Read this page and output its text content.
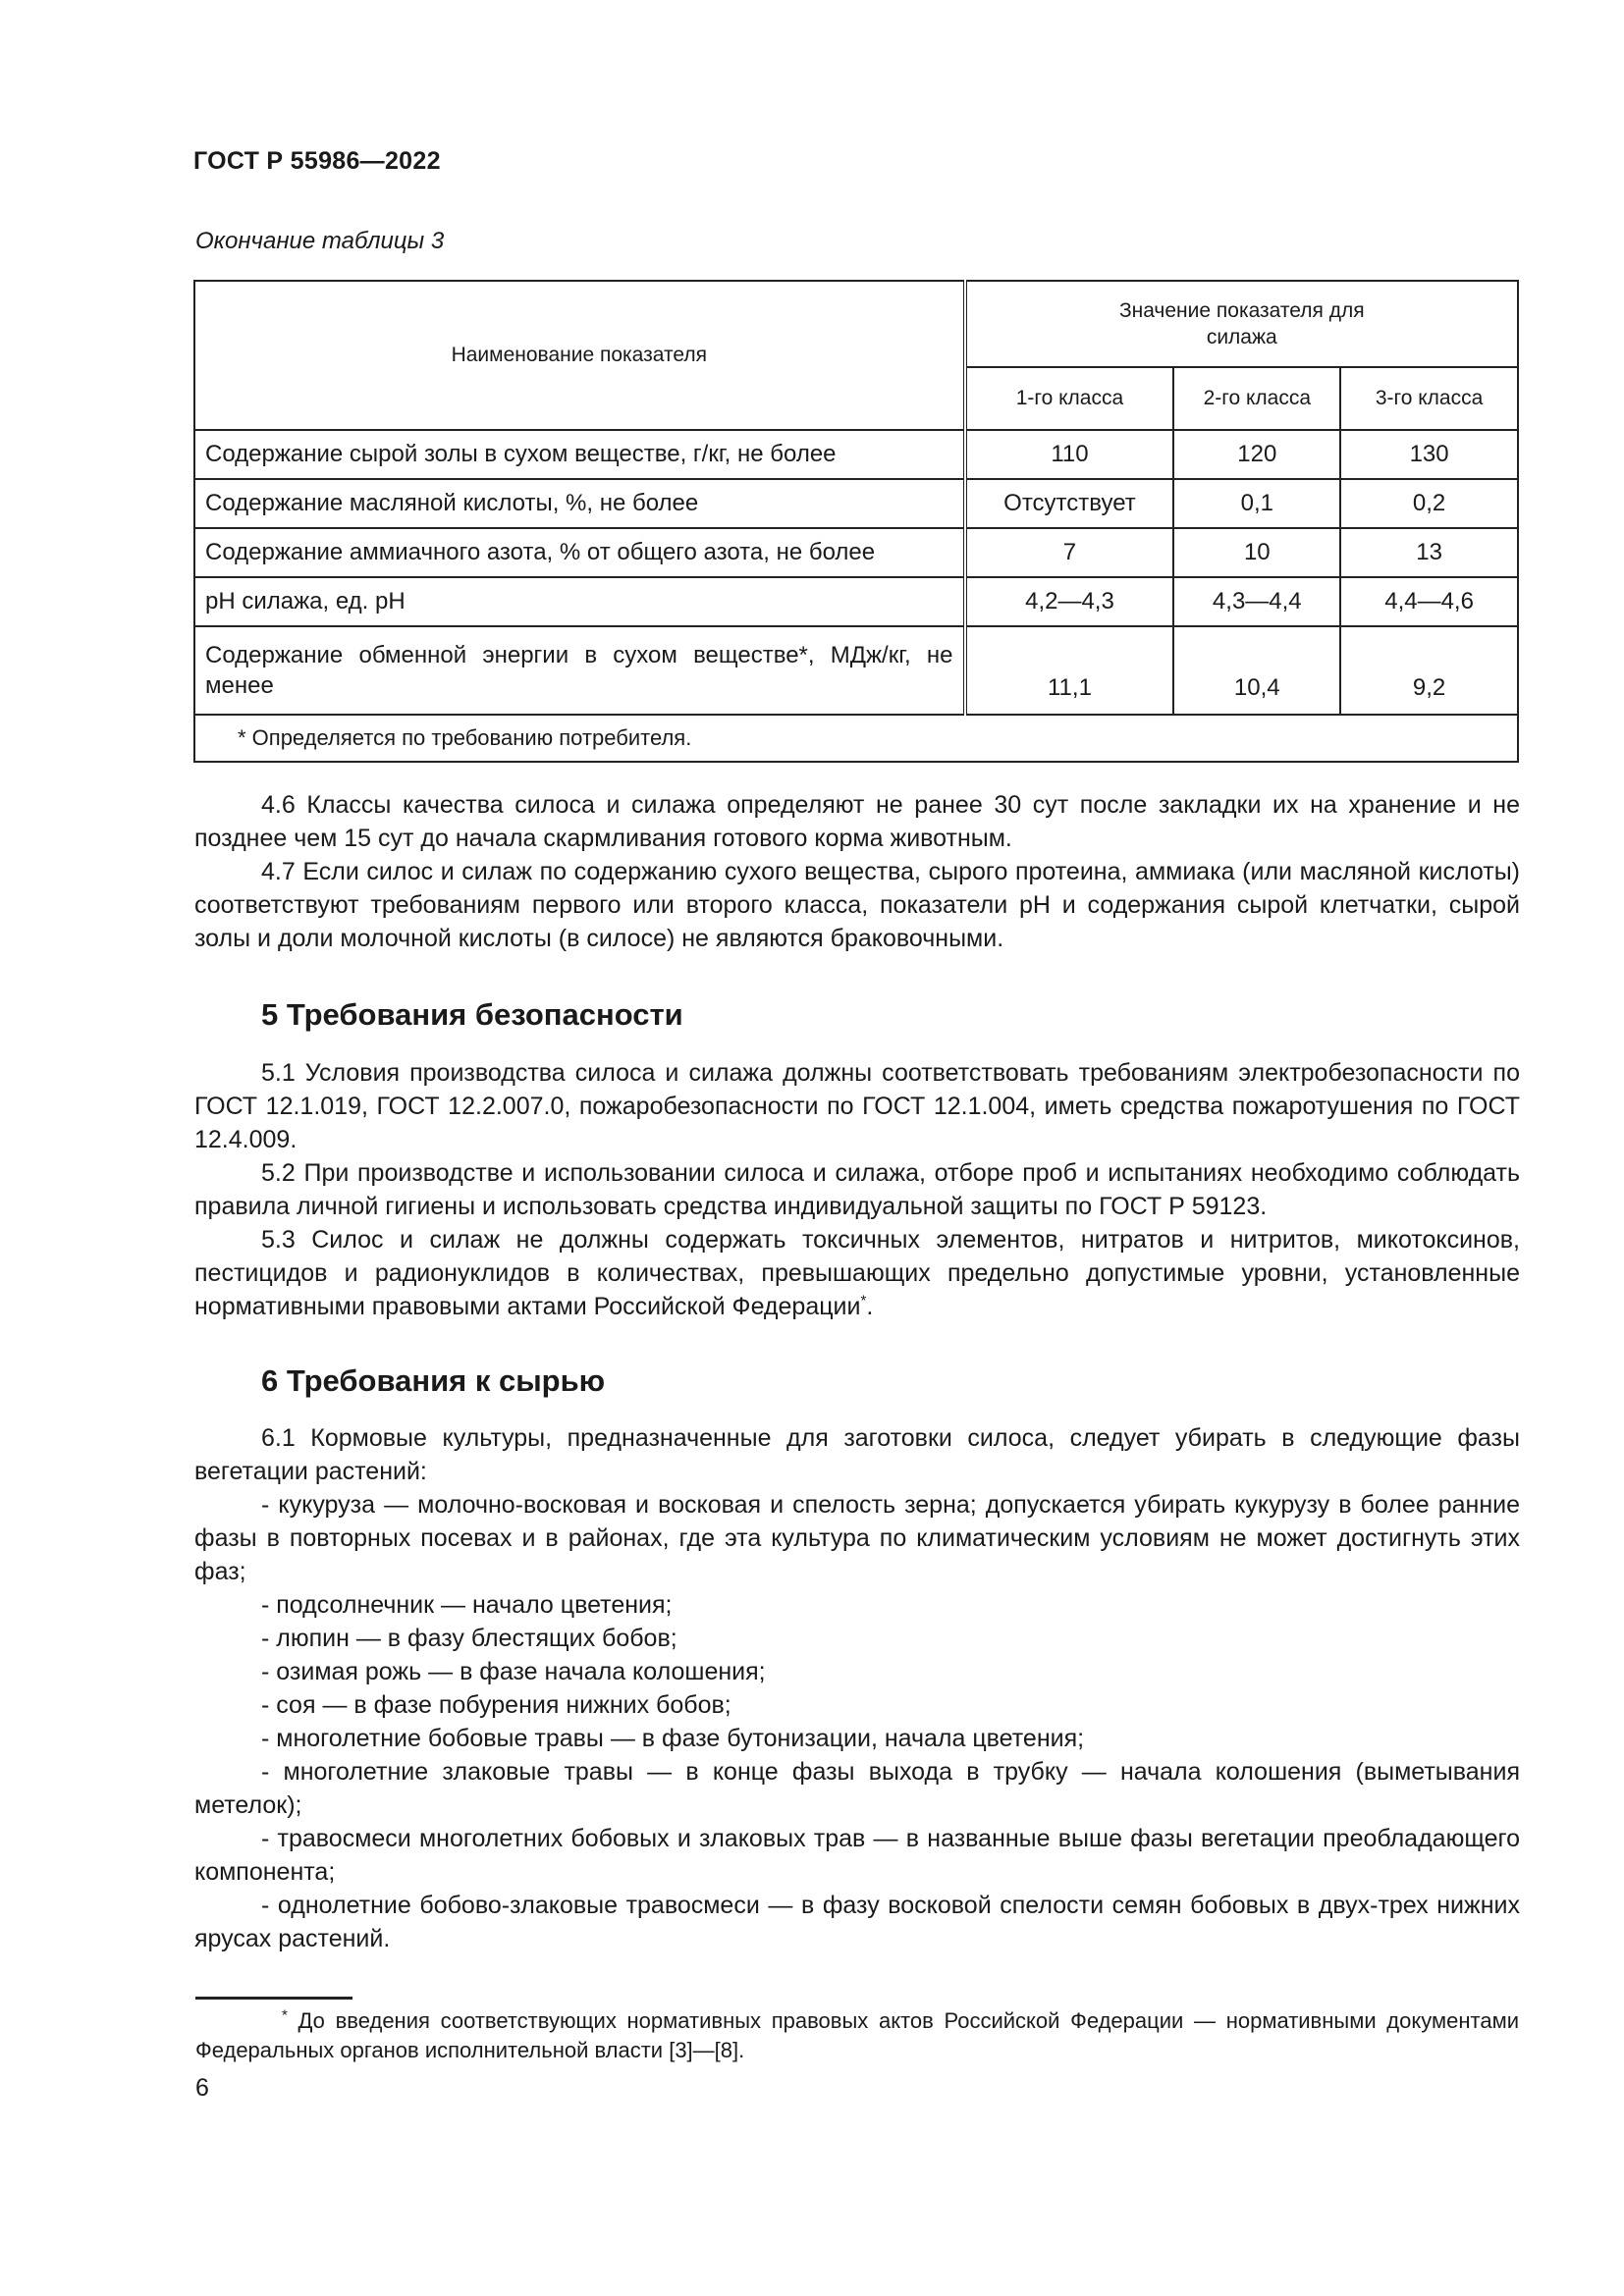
ГОСТ Р 55986—2022
Окончание таблицы 3
Наименование показателя	Значение показателя для силажа		

	1-го класса	2-го класса	3-го класса
Содержание сырой золы в сухом веществе, г/кг, не более	110	120	130
Содержание масляной кислоты, %, не более	Отсутствует	0,1	0,2
Содержание аммиачного азота, % от общего азота, не более	7	10	13
рН силажа, ед. рН	4,2—4,3	4,3—4,4	4,4—4,6
Содержание обменной энергии в сухом веществе*, МДж/кг, не менее	11,1	10,4	9,2
* Определяется по требованию потребителя.			

4.6 Классы качества силоса и силажа определяют не ранее 30 сут после закладки их на хранение и не позднее чем 15 сут до начала скармливания готового корма животным.

4.7 Если силос и силаж по содержанию сухого вещества, сырого протеина, аммиака (или масляной кислоты) соответствуют требованиям первого или второго класса, показатели рН и содержания сырой клетчатки, сырой золы и доли молочной кислоты (в силосе) не являются браковочными.

5 Требования безопасности

5.1 Условия производства силоса и силажа должны соответствовать требованиям электробезопасности по ГОСТ 12.1.019, ГОСТ 12.2.007.0, пожаробезопасности по ГОСТ 12.1.004, иметь средства пожаротушения по ГОСТ 12.4.009.

5.2 При производстве и использовании силоса и силажа, отборе проб и испытаниях необходимо соблюдать правила личной гигиены и использовать средства индивидуальной защиты по ГОСТ Р 59123.

5.3 Силос и силаж не должны содержать токсичных элементов, нитратов и нитритов, микотоксинов, пестицидов и радионуклидов в количествах, превышающих предельно допустимые уровни, установленные нормативными правовыми актами Российской Федерации*.

6 Требования к сырью

6.1 Кормовые культуры, предназначенные для заготовки силоса, следует убирать в следующие фазы вегетации растений:

- кукуруза — молочно-восковая и восковая и спелость зерна; допускается убирать кукурузу в более ранние фазы в повторных посевах и в районах, где эта культура по климатическим условиям не может достигнуть этих фаз;

- подсолнечник — начало цветения;

- люпин — в фазу блестящих бобов;

- озимая рожь — в фазе начала колошения;

- соя — в фазе побурения нижних бобов;

- многолетние бобовые травы — в фазе бутонизации, начала цветения;

- многолетние злаковые травы — в конце фазы выхода в трубку — начала колошения (выметывания метелок);

- травосмеси многолетних бобовых и злаковых трав — в названные выше фазы вегетации преобладающего компонента;

- однолетние бобово-злаковые травосмеси — в фазу восковой спелости семян бобовых в двух-трех нижних ярусах растений.

* До введения соответствующих нормативных правовых актов Российской Федерации — нормативными документами Федеральных органов исполнительной власти [3]—[8].
6
